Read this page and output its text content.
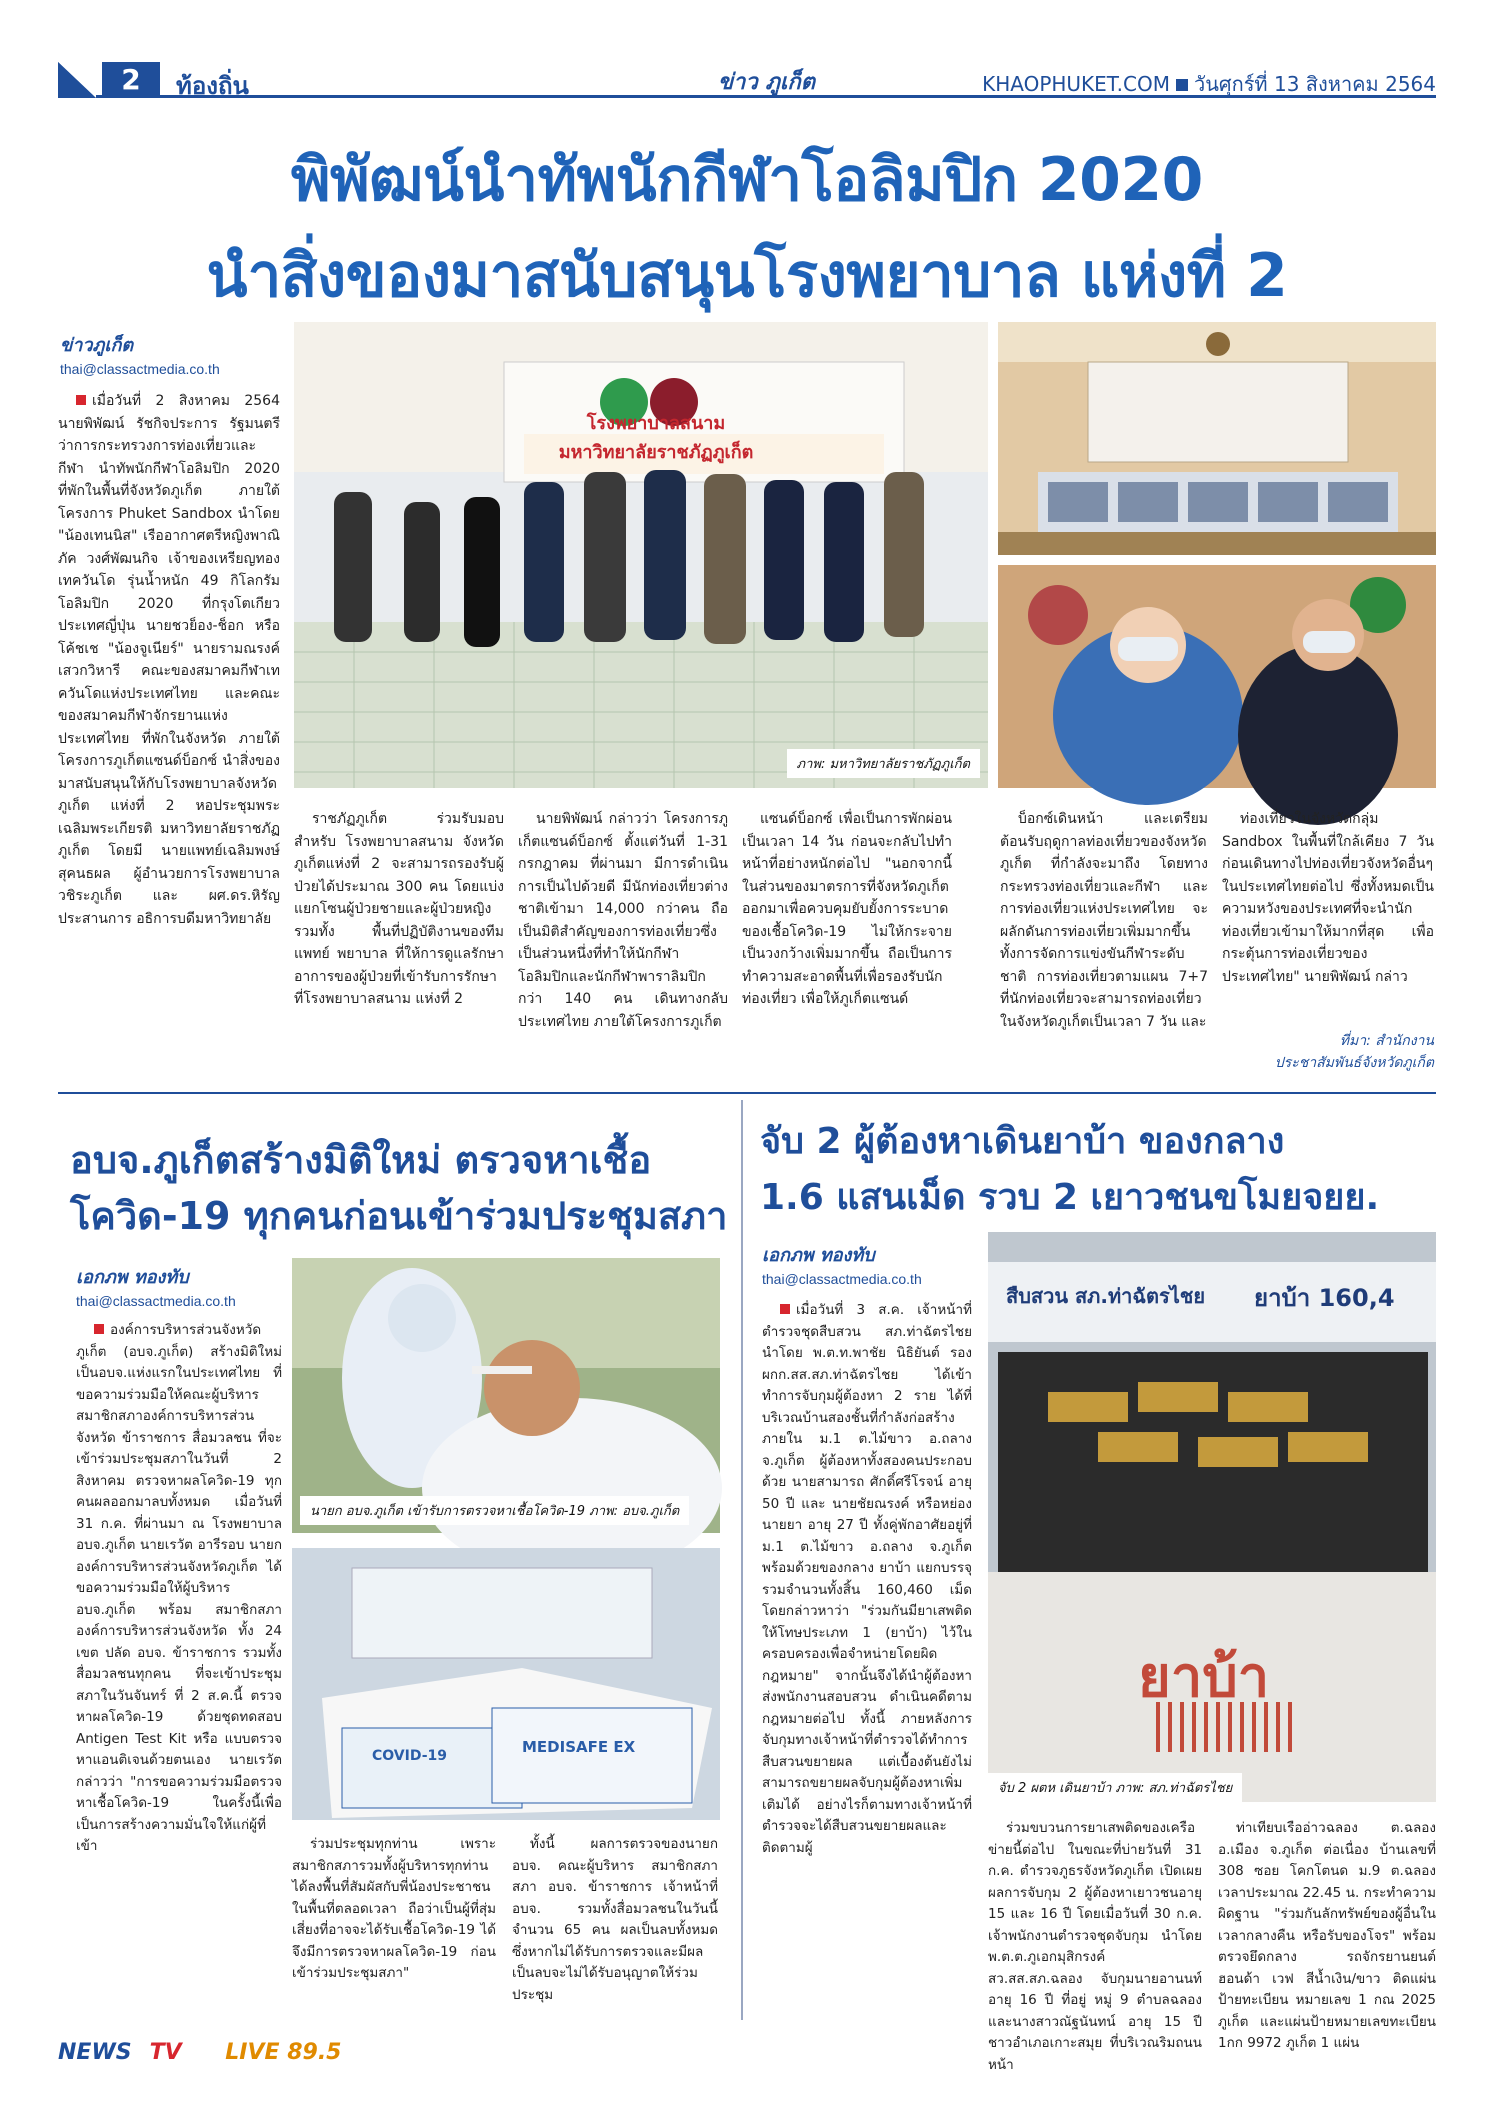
2	ท้องถิ่น	ข่าว ภูเก็ต	KHAOPHUKET.COM วันศุกร์ที่ 13 สิงหาคม 2564
พิพัฒน์นำทัพนักกีฬาโอลิมปิก 2020
นำสิ่งของมาสนับสนุนโรงพยาบาล แห่งที่ 2
ข่าวภูเก็ต
thai@classactmedia.co.th

เมื่อวันที่ 2 สิงหาคม 2564 นายพิพัฒน์ รัชกิจประการ รัฐมนตรีว่าการกระทรวงการท่องเที่ยวและกีฬา นำทัพนักกีฬาโอลิมปิก 2020 ที่พักในพื้นที่จังหวัดภูเก็ต ภายใต้โครงการ Phuket Sandbox นำโดย "น้องเทนนิส" เรืออากาศตรีหญิงพาณิภัค วงศ์พัฒนกิจ เจ้าของเหรียญทองเทควันโด รุ่นน้ำหนัก 49 กิโลกรัมโอลิมปิก 2020 ที่กรุงโตเกียว ประเทศญี่ปุ่น นายชวย็อง-ช็อก หรือ โค้ชเช "น้องจูเนียร์" นายรามณรงค์ เสวกวิหารี คณะของสมาคมกีฬาเทควันโดแห่งประเทศไทย และคณะของสมาคมกีฬาจักรยานแห่งประเทศไทย ที่พักในจังหวัด ภายใต้โครงการภูเก็ตแซนด์บ็อกซ์ นำสิ่งของมาสนับสนุนให้กับโรงพยาบาลจังหวัดภูเก็ต แห่งที่ 2 หอประชุมพระเฉลิมพระเกียรติ มหาวิทยาลัยราชภัฏภูเก็ต โดยมี นายแพทย์เฉลิมพงษ์ สุคนธผล ผู้อำนวยการโรงพยาบาลวชิระภูเก็ต และ ผศ.ดร.หิรัญ ประสานการ อธิการบดีมหาวิทยาลัย

ภาพ: มหาวิทยาลัยราชภัฏภูเก็ต
โรงพยาบาลสนาม
มหาวิทยาลัยราชภัฏภูเก็ต

ราชภัฏภูเก็ต ร่วมรับมอบ สำหรับ โรงพยาบาลสนาม จังหวัดภูเก็ตแห่งที่ 2 จะสามารถรองรับผู้ป่วยได้ประมาณ 300 คน โดยแบ่งแยกโซนผู้ป่วยชายและผู้ป่วยหญิง รวมทั้ง พื้นที่ปฏิบัติงานของทีมแพทย์ พยาบาล ที่ให้การดูแลรักษาอาการของผู้ป่วยที่เข้ารับการรักษาที่โรงพยาบาลสนาม แห่งที่ 2

นายพิพัฒน์ กล่าวว่า โครงการภูเก็ตแซนด์บ็อกซ์ ตั้งแต่วันที่ 1-31 กรกฎาคม ที่ผ่านมา มีการดำเนินการเป็นไปด้วยดี มีนักท่องเที่ยวต่างชาติเข้ามา 14,000 กว่าคน ถือเป็นมิติสำคัญของการท่องเที่ยวซึ่งเป็นส่วนหนึ่งที่ทำให้นักกีฬาโอลิมปิกและนักกีฬาพาราลิมปิก กว่า 140 คน เดินทางกลับประเทศไทย ภายใต้โครงการภูเก็ต

แซนด์บ็อกซ์ เพื่อเป็นการพักผ่อนเป็นเวลา 14 วัน ก่อนจะกลับไปทำหน้าที่อย่างหนักต่อไป "นอกจากนี้ ในส่วนของมาตรการที่จังหวัดภูเก็ตออกมาเพื่อควบคุมยับยั้งการระบาดของเชื้อโควิด-19 ไม่ให้กระจายเป็นวงกว้างเพิ่มมากขึ้น ถือเป็นการทำความสะอาดพื้นที่เพื่อรองรับนักท่องเที่ยว เพื่อให้ภูเก็ตแซนด์

บ็อกซ์เดินหน้า และเตรียมต้อนรับฤดูกาลท่องเที่ยวของจังหวัดภูเก็ต ที่กำลังจะมาถึง โดยทางกระทรวงท่องเที่ยวและกีฬา และการท่องเที่ยวแห่งประเทศไทย จะผลักดันการท่องเที่ยวเพิ่มมากขึ้น ทั้งการจัดการแข่งขันกีฬาระดับชาติ การท่องเที่ยวตามแผน 7+7 ที่นักท่องเที่ยวจะสามารถท่องเที่ยวในจังหวัดภูเก็ตเป็นเวลา 7 วัน และ

ท่องเที่ยวในจังหวัดกลุ่ม Sandbox ในพื้นที่ใกล้เคียง 7 วัน ก่อนเดินทางไปท่องเที่ยวจังหวัดอื่นๆ ในประเทศไทยต่อไป ซึ่งทั้งหมดเป็นความหวังของประเทศที่จะนำนักท่องเที่ยวเข้ามาให้มากที่สุด เพื่อกระตุ้นการท่องเที่ยวของประเทศไทย" นายพิพัฒน์ กล่าว

ที่มา: สำนักงาน
ประชาสัมพันธ์จังหวัดภูเก็ต
อบจ.ภูเก็ตสร้างมิติใหม่ ตรวจหาเชื้อ
โควิด-19 ทุกคนก่อนเข้าร่วมประชุมสภา
เอกภพ ทองทับ
thai@classactmedia.co.th

องค์การบริหารส่วนจังหวัดภูเก็ต (อบจ.ภูเก็ต) สร้างมิติใหม่ เป็นอบจ.แห่งแรกในประเทศไทย ที่ขอความร่วมมือให้คณะผู้บริหาร สมาชิกสภาองค์การบริหารส่วนจังหวัด ข้าราชการ สื่อมวลชน ที่จะเข้าร่วมประชุมสภาในวันที่ 2 สิงหาคม ตรวจหาผลโควิด-19 ทุกคนผลออกมาลบทั้งหมด เมื่อวันที่ 31 ก.ค. ที่ผ่านมา ณ โรงพยาบาล อบจ.ภูเก็ต นายเรวัต อารีรอบ นายกองค์การบริหารส่วนจังหวัดภูเก็ต ได้ขอความร่วมมือให้ผู้บริหาร อบจ.ภูเก็ต พร้อม สมาชิกสภาองค์การบริหารส่วนจังหวัด ทั้ง 24 เขต ปลัด อบจ. ข้าราชการ รวมทั้งสื่อมวลชนทุกคน ที่จะเข้าประชุมสภาในวันจันทร์ ที่ 2 ส.ค.นี้ ตรวจหาผลโควิด-19 ด้วยชุดทดสอบ Antigen Test Kit หรือ แบบตรวจหาแอนติเจนด้วยตนเอง นายเรวัต กล่าวว่า "การขอความร่วมมือตรวจหาเชื้อโควิด-19 ในครั้งนี้เพื่อเป็นการสร้างความมั่นใจให้แก่ผู้ที่เข้า

นายก อบจ.ภูเก็ต เข้ารับการตรวจหาเชื้อโควิด-19 ภาพ: อบจ.ภูเก็ต
COVID-19	MEDISAFE EX

ร่วมประชุมทุกท่าน เพราะสมาชิกสภารวมทั้งผู้บริหารทุกท่านได้ลงพื้นที่สัมผัสกับพี่น้องประชาชนในพื้นที่ตลอดเวลา ถือว่าเป็นผู้ที่สุ่มเสี่ยงที่อาจจะได้รับเชื้อโควิด-19 ได้ จึงมีการตรวจหาผลโควิด-19 ก่อนเข้าร่วมประชุมสภา"

ทั้งนี้ ผลการตรวจของนายก อบจ. คณะผู้บริหาร สมาชิกสภา สภา อบจ. ข้าราชการ เจ้าหน้าที่ อบจ. รวมทั้งสื่อมวลชนในวันนี้ จำนวน 65 คน ผลเป็นลบทั้งหมด ซึ่งหากไม่ได้รับการตรวจและมีผลเป็นลบจะไม่ได้รับอนุญาตให้ร่วมประชุม

จับ 2 ผู้ต้องหาเดินยาบ้า ของกลาง
1.6 แสนเม็ด รวบ 2 เยาวชนขโมยจยย.
เอกภพ ทองทับ
thai@classactmedia.co.th

เมื่อวันที่ 3 ส.ค. เจ้าหน้าที่ตำรวจชุดสืบสวน สภ.ท่าฉัตรไชย นำโดย พ.ต.ท.พาชัย นิธิยันต์ รอง ผกก.สส.สภ.ท่าฉัตรไชย ได้เข้าทำการจับกุมผู้ต้องหา 2 ราย ได้ที่บริเวณบ้านสองชั้นที่กำลังก่อสร้างภายใน ม.1 ต.ไม้ขาว อ.ถลาง จ.ภูเก็ต ผู้ต้องหาทั้งสองคนประกอบด้วย นายสามารถ ศักดิ์ศรีโรจน์ อายุ 50 ปี และ นายชัยณรงค์ หรือหย่อง นายยา อายุ 27 ปี ทั้งคู่พักอาศัยอยู่ที่ ม.1 ต.ไม้ขาว อ.ถลาง จ.ภูเก็ต พร้อมด้วยของกลาง ยาบ้า แยกบรรจุรวมจำนวนทั้งสิ้น 160,460 เม็ด โดยกล่าวหาว่า "ร่วมกันมียาเสพติดให้โทษประเภท 1 (ยาบ้า) ไว้ในครอบครองเพื่อจำหน่ายโดยผิดกฎหมาย" จากนั้นจึงได้นำผู้ต้องหาส่งพนักงานสอบสวน ดำเนินคดีตามกฎหมายต่อไป ทั้งนี้ ภายหลังการจับกุมทางเจ้าหน้าที่ตำรวจได้ทำการสืบสวนขยายผล แต่เบื้องต้นยังไม่สามารถขยายผลจับกุมผู้ต้องหาเพิ่มเติมได้ อย่างไรก็ตามทางเจ้าหน้าที่ตำรวจจะได้สืบสวนขยายผลและติดตามผู้

สืบสวน สภ.ท่าฉัตรไชย ยาบ้า 160,4
ยาบ้า
จับ 2 ผตห เดินยาบ้า ภาพ: สภ.ท่าฉัตรไชย

ร่วมขบวนการยาเสพติดของเครือข่ายนี้ต่อไป ในขณะที่บ่ายวันที่ 31 ก.ค. ตำรวจภูธรจังหวัดภูเก็ต เปิดเผยผลการจับกุม 2 ผู้ต้องหาเยาวชนอายุ 15 และ 16 ปี โดยเมื่อวันที่ 30 ก.ค. เจ้าพนักงานตำรวจชุดจับกุม นำโดย พ.ต.ต.ภูเอกมุสิกรงค์ สว.สส.สภ.ฉลอง จับกุมนายอานนท์ อายุ 16 ปี ที่อยู่ หมู่ 9 ตำบลฉลอง และนางสาวณัฐนันทน์ อายุ 15 ปี ชาวอำเภอเกาะสมุย ที่บริเวณริมถนนหน้า

ท่าเทียบเรืออ่าวฉลอง ต.ฉลอง อ.เมือง จ.ภูเก็ต ต่อเนื่อง บ้านเลขที่ 308 ซอย โคกโตนด ม.9 ต.ฉลอง เวลาประมาณ 22.45 น. กระทำความผิดฐาน "ร่วมกันลักทรัพย์ของผู้อื่นในเวลากลางคืน หรือรับของโจร" พร้อมตรวจยึดกลาง รถจักรยานยนต์ ฮอนด้า เวฟ สีน้ำเงิน/ขาว ติดแผ่นป้ายทะเบียน หมายเลข 1 กณ 2025 ภูเก็ต และแผ่นป้ายหมายเลขทะเบียน 1กก 9972 ภูเก็ต 1 แผ่น

NEWS TV LIVE 89.5
